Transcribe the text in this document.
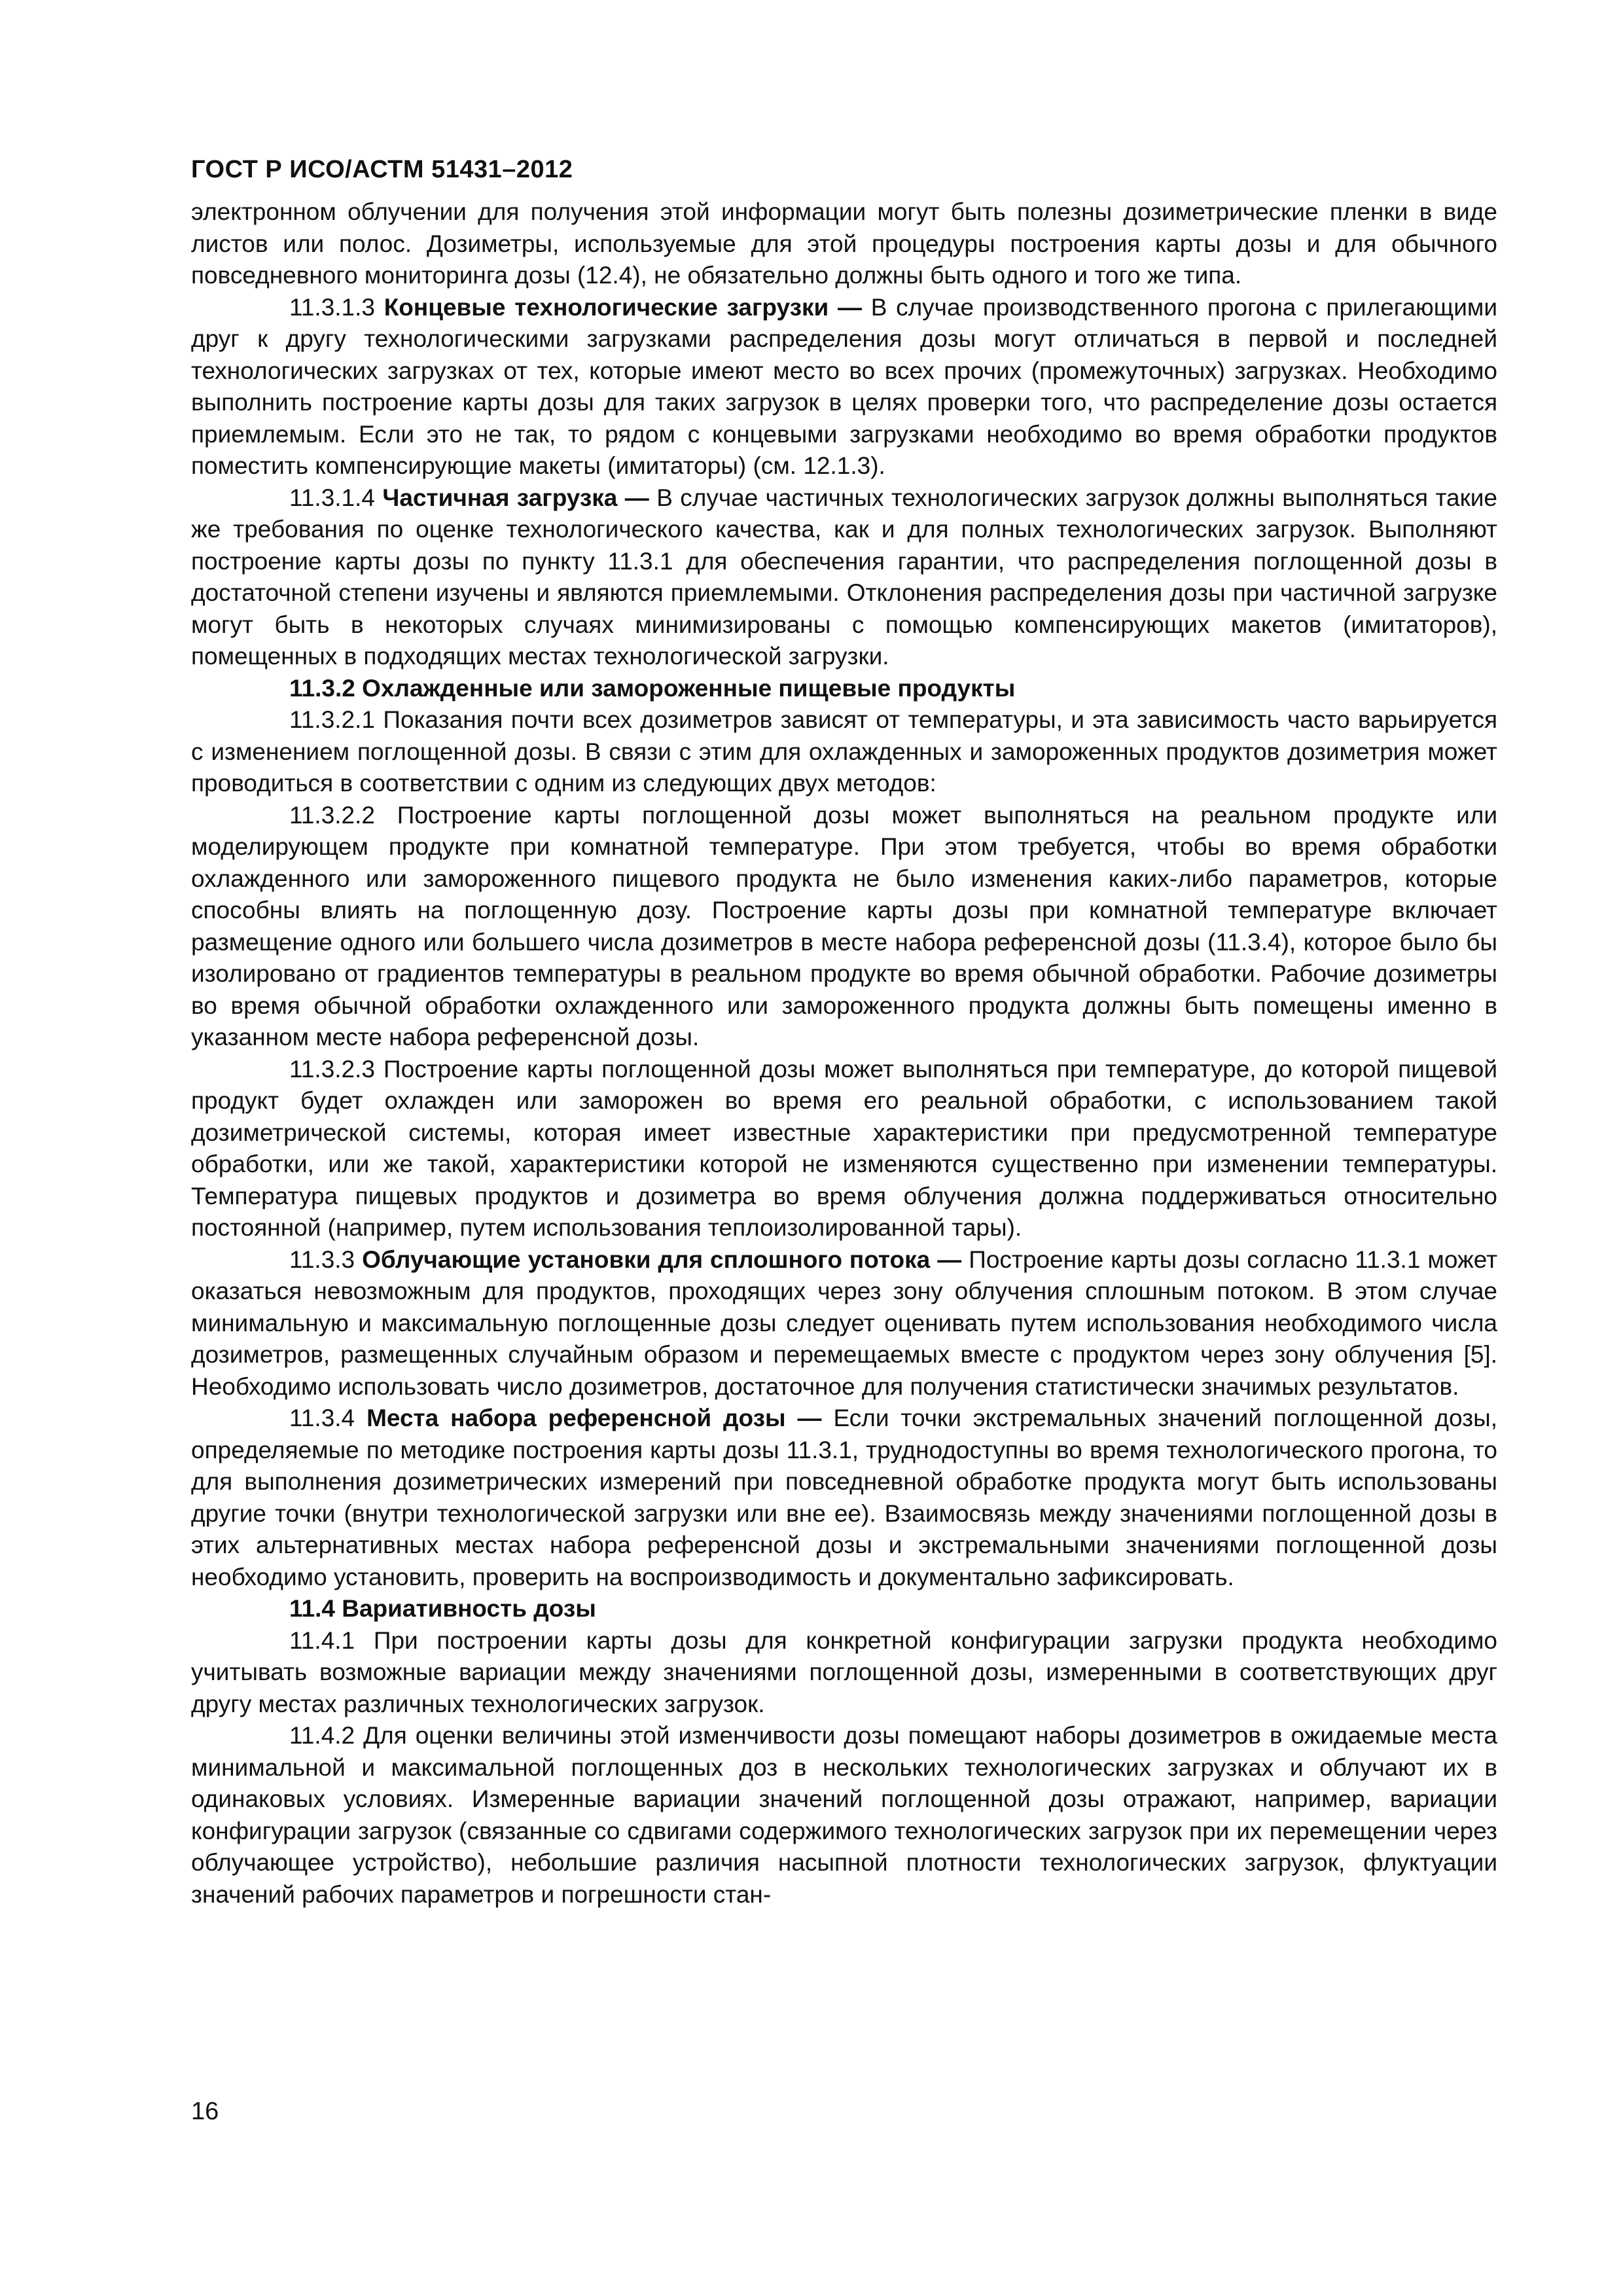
ГОСТ Р ИСО/АСТМ 51431–2012

электронном облучении для получения этой информации могут быть полезны дозиметрические пленки в виде листов или полос. Дозиметры, используемые для этой процедуры построения карты дозы и для обычного повседневного мониторинга дозы (12.4), не обязательно должны быть одного и того же типа.

11.3.1.3 Концевые технологические загрузки — В случае производственного прогона с прилегающими друг к другу технологическими загрузками распределения дозы могут отличаться в первой и последней технологических загрузках от тех, которые имеют место во всех прочих (промежуточных) загрузках. Необходимо выполнить построение карты дозы для таких загрузок в целях проверки того, что распределение дозы остается приемлемым. Если это не так, то рядом с концевыми загрузками необходимо во время обработки продуктов поместить компенсирующие макеты (имитаторы) (см. 12.1.3).

11.3.1.4 Частичная загрузка — В случае частичных технологических загрузок должны выполняться такие же требования по оценке технологического качества, как и для полных технологических загрузок. Выполняют построение карты дозы по пункту 11.3.1 для обеспечения гарантии, что распределения поглощенной дозы в достаточной степени изучены и являются приемлемыми. Отклонения распределения дозы при частичной загрузке могут быть в некоторых случаях минимизированы с помощью компенсирующих макетов (имитаторов), помещенных в подходящих местах технологической загрузки.

11.3.2 Охлажденные или замороженные пищевые продукты

11.3.2.1 Показания почти всех дозиметров зависят от температуры, и эта зависимость часто варьируется с изменением поглощенной дозы. В связи с этим для охлажденных и замороженных продуктов дозиметрия может проводиться в соответствии с одним из следующих двух методов:

11.3.2.2 Построение карты поглощенной дозы может выполняться на реальном продукте или моделирующем продукте при комнатной температуре. При этом требуется, чтобы во время обработки охлажденного или замороженного пищевого продукта не было изменения каких-либо параметров, которые способны влиять на поглощенную дозу. Построение карты дозы при комнатной температуре включает размещение одного или большего числа дозиметров в месте набора референсной дозы (11.3.4), которое было бы изолировано от градиентов температуры в реальном продукте во время обычной обработки. Рабочие дозиметры во время обычной обработки охлажденного или замороженного продукта должны быть помещены именно в указанном месте набора референсной дозы.

11.3.2.3 Построение карты поглощенной дозы может выполняться при температуре, до которой пищевой продукт будет охлажден или заморожен во время его реальной обработки, с использованием такой дозиметрической системы, которая имеет известные характеристики при предусмотренной температуре обработки, или же такой, характеристики которой не изменяются существенно при изменении температуры. Температура пищевых продуктов и дозиметра во время облучения должна поддерживаться относительно постоянной (например, путем использования теплоизолированной тары).

11.3.3 Облучающие установки для сплошного потока — Построение карты дозы согласно 11.3.1 может оказаться невозможным для продуктов, проходящих через зону облучения сплошным потоком. В этом случае минимальную и максимальную поглощенные дозы следует оценивать путем использования необходимого числа дозиметров, размещенных случайным образом и перемещаемых вместе с продуктом через зону облучения [5]. Необходимо использовать число дозиметров, достаточное для получения статистически значимых результатов.

11.3.4 Места набора референсной дозы — Если точки экстремальных значений поглощенной дозы, определяемые по методике построения карты дозы 11.3.1, труднодоступны во время технологического прогона, то для выполнения дозиметрических измерений при повседневной обработке продукта могут быть использованы другие точки (внутри технологической загрузки или вне ее). Взаимосвязь между значениями поглощенной дозы в этих альтернативных местах набора референсной дозы и экстремальными значениями поглощенной дозы необходимо установить, проверить на воспроизводимость и документально зафиксировать.

11.4 Вариативность дозы

11.4.1 При построении карты дозы для конкретной конфигурации загрузки продукта необходимо учитывать возможные вариации между значениями поглощенной дозы, измеренными в соответствующих друг другу местах различных технологических загрузок.

11.4.2 Для оценки величины этой изменчивости дозы помещают наборы дозиметров в ожидаемые места минимальной и максимальной поглощенных доз в нескольких технологических загрузках и облучают их в одинаковых условиях. Измеренные вариации значений поглощенной дозы отражают, например, вариации конфигурации загрузок (связанные со сдвигами содержимого технологических загрузок при их перемещении через облучающее устройство), небольшие различия насыпной плотности технологических загрузок, флуктуации значений рабочих параметров и погрешности стан-

16
